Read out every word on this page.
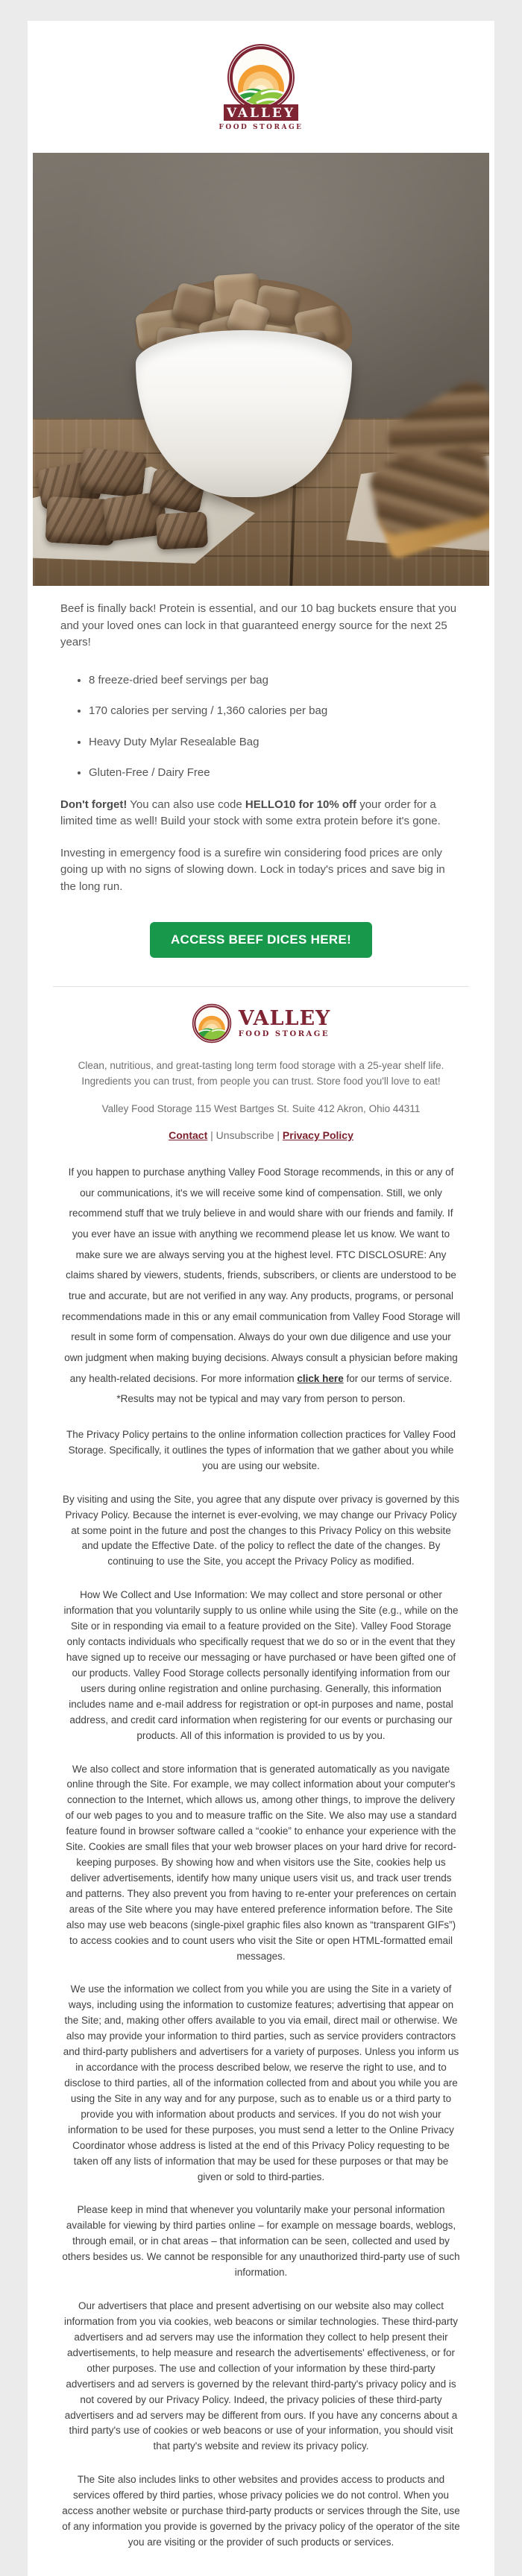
VALLEY
FOOD STORAGE

Beef is finally back! Protein is essential, and our 10 bag buckets ensure that you and your loved ones can lock in that guaranteed energy source for the next 25 years!

• 8 freeze-dried beef servings per bag
• 170 calories per serving / 1,360 calories per bag
• Heavy Duty Mylar Resealable Bag
• Gluten-Free / Dairy Free

Don't forget! You can also use code HELLO10 for 10% off your order for a limited time as well! Build your stock with some extra protein before it's gone.

Investing in emergency food is a surefire win considering food prices are only going up with no signs of slowing down. Lock in today's prices and save big in the long run.

ACCESS BEEF DICES HERE!
VALLEY
FOOD STORAGE

Clean, nutritious, and great-tasting long term food storage with a 25-year shelf life. Ingredients you can trust, from people you can trust. Store food you'll love to eat!

Valley Food Storage 115 West Bartges St. Suite 412 Akron, Ohio 44311

Contact | Unsubscribe | Privacy Policy

If you happen to purchase anything Valley Food Storage recommends, in this or any of our communications, it's we will receive some kind of compensation. Still, we only recommend stuff that we truly believe in and would share with our friends and family. If you ever have an issue with anything we recommend please let us know. We want to make sure we are always serving you at the highest level. FTC DISCLOSURE: Any claims shared by viewers, students, friends, subscribers, or clients are understood to be true and accurate, but are not verified in any way. Any products, programs, or personal recommendations made in this or any email communication from Valley Food Storage will result in some form of compensation. Always do your own due diligence and use your own judgment when making buying decisions. Always consult a physician before making any health-related decisions. For more information click here for our terms of service. *Results may not be typical and may vary from person to person.

The Privacy Policy pertains to the online information collection practices for Valley Food Storage. Specifically, it outlines the types of information that we gather about you while you are using our website.

By visiting and using the Site, you agree that any dispute over privacy is governed by this Privacy Policy. Because the internet is ever-evolving, we may change our Privacy Policy at some point in the future and post the changes to this Privacy Policy on this website and update the Effective Date. of the policy to reflect the date of the changes. By continuing to use the Site, you accept the Privacy Policy as modified.

How We Collect and Use Information: We may collect and store personal or other information that you voluntarily supply to us online while using the Site (e.g., while on the Site or in responding via email to a feature provided on the Site). Valley Food Storage only contacts individuals who specifically request that we do so or in the event that they have signed up to receive our messaging or have purchased or have been gifted one of our products. Valley Food Storage collects personally identifying information from our users during online registration and online purchasing. Generally, this information includes name and e-mail address for registration or opt-in purposes and name, postal address, and credit card information when registering for our events or purchasing our products. All of this information is provided to us by you.

We also collect and store information that is generated automatically as you navigate online through the Site. For example, we may collect information about your computer's connection to the Internet, which allows us, among other things, to improve the delivery of our web pages to you and to measure traffic on the Site. We also may use a standard feature found in browser software called a “cookie” to enhance your experience with the Site. Cookies are small files that your web browser places on your hard drive for record-keeping purposes. By showing how and when visitors use the Site, cookies help us deliver advertisements, identify how many unique users visit us, and track user trends and patterns. They also prevent you from having to re-enter your preferences on certain areas of the Site where you may have entered preference information before. The Site also may use web beacons (single-pixel graphic files also known as “transparent GIFs”) to access cookies and to count users who visit the Site or open HTML-formatted email messages.

We use the information we collect from you while you are using the Site in a variety of ways, including using the information to customize features; advertising that appear on the Site; and, making other offers available to you via email, direct mail or otherwise. We also may provide your information to third parties, such as service providers contractors and third-party publishers and advertisers for a variety of purposes. Unless you inform us in accordance with the process described below, we reserve the right to use, and to disclose to third parties, all of the information collected from and about you while you are using the Site in any way and for any purpose, such as to enable us or a third party to provide you with information about products and services. If you do not wish your information to be used for these purposes, you must send a letter to the Online Privacy Coordinator whose address is listed at the end of this Privacy Policy requesting to be taken off any lists of information that may be used for these purposes or that may be given or sold to third-parties.

Please keep in mind that whenever you voluntarily make your personal information available for viewing by third parties online – for example on message boards, weblogs, through email, or in chat areas – that information can be seen, collected and used by others besides us. We cannot be responsible for any unauthorized third-party use of such information.

Our advertisers that place and present advertising on our website also may collect information from you via cookies, web beacons or similar technologies. These third-party advertisers and ad servers may use the information they collect to help present their advertisements, to help measure and research the advertisements' effectiveness, or for other purposes. The use and collection of your information by these third-party advertisers and ad servers is governed by the relevant third-party's privacy policy and is not covered by our Privacy Policy. Indeed, the privacy policies of these third-party advertisers and ad servers may be different from ours. If you have any concerns about a third party's use of cookies or web beacons or use of your information, you should visit that party's website and review its privacy policy.

The Site also includes links to other websites and provides access to products and services offered by third parties, whose privacy policies we do not control. When you access another website or purchase third-party products or services through the Site, use of any information you provide is governed by the privacy policy of the operator of the site you are visiting or the provider of such products or services.
